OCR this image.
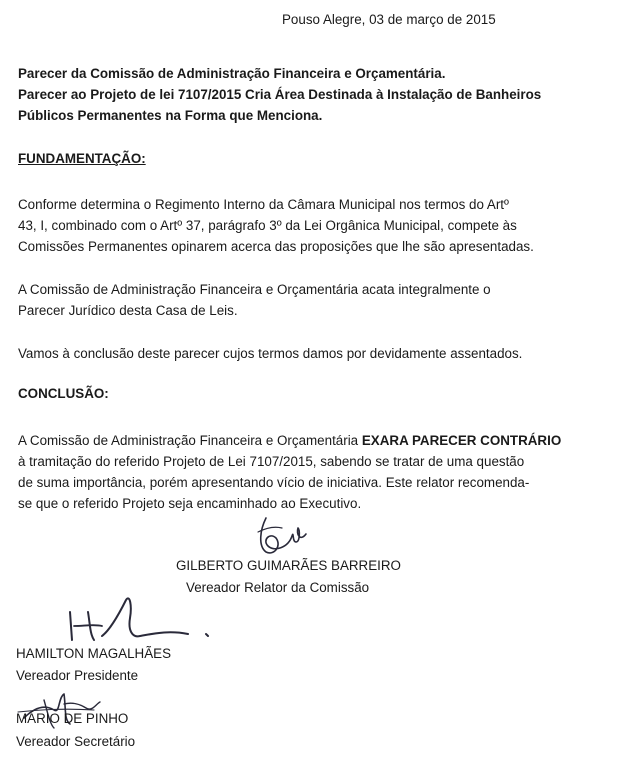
Pouso Alegre, 03 de março de 2015
Parecer da Comissão de Administração Financeira e Orçamentária.
Parecer ao Projeto de lei 7107/2015 Cria Área Destinada à Instalação de Banheiros
Públicos Permanentes na Forma que Menciona.
FUNDAMENTAÇÃO:
Conforme determina o Regimento Interno da Câmara Municipal nos termos do Artº
43, I, combinado com o Artº 37, parágrafo 3º da Lei Orgânica Municipal, compete às
Comissões Permanentes opinarem acerca das proposições que lhe são apresentadas.
A Comissão de Administração Financeira e Orçamentária acata integralmente o
Parecer Jurídico desta Casa de Leis.
Vamos à conclusão deste parecer cujos termos damos por devidamente assentados.
CONCLUSÃO:
A Comissão de Administração Financeira e Orçamentária EXARA PARECER CONTRÁRIO
à tramitação do referido Projeto de Lei 7107/2015, sabendo se tratar de uma questão
de suma importância, porém apresentando vício de iniciativa. Este relator recomenda-
se que o referido Projeto seja encaminhado ao Executivo.
GILBERTO GUIMARÃES BARREIRO
Vereador Relator da Comissão
HAMILTON MAGALHÃES
Vereador Presidente
MÁRIO DE PINHO
Vereador Secretário
